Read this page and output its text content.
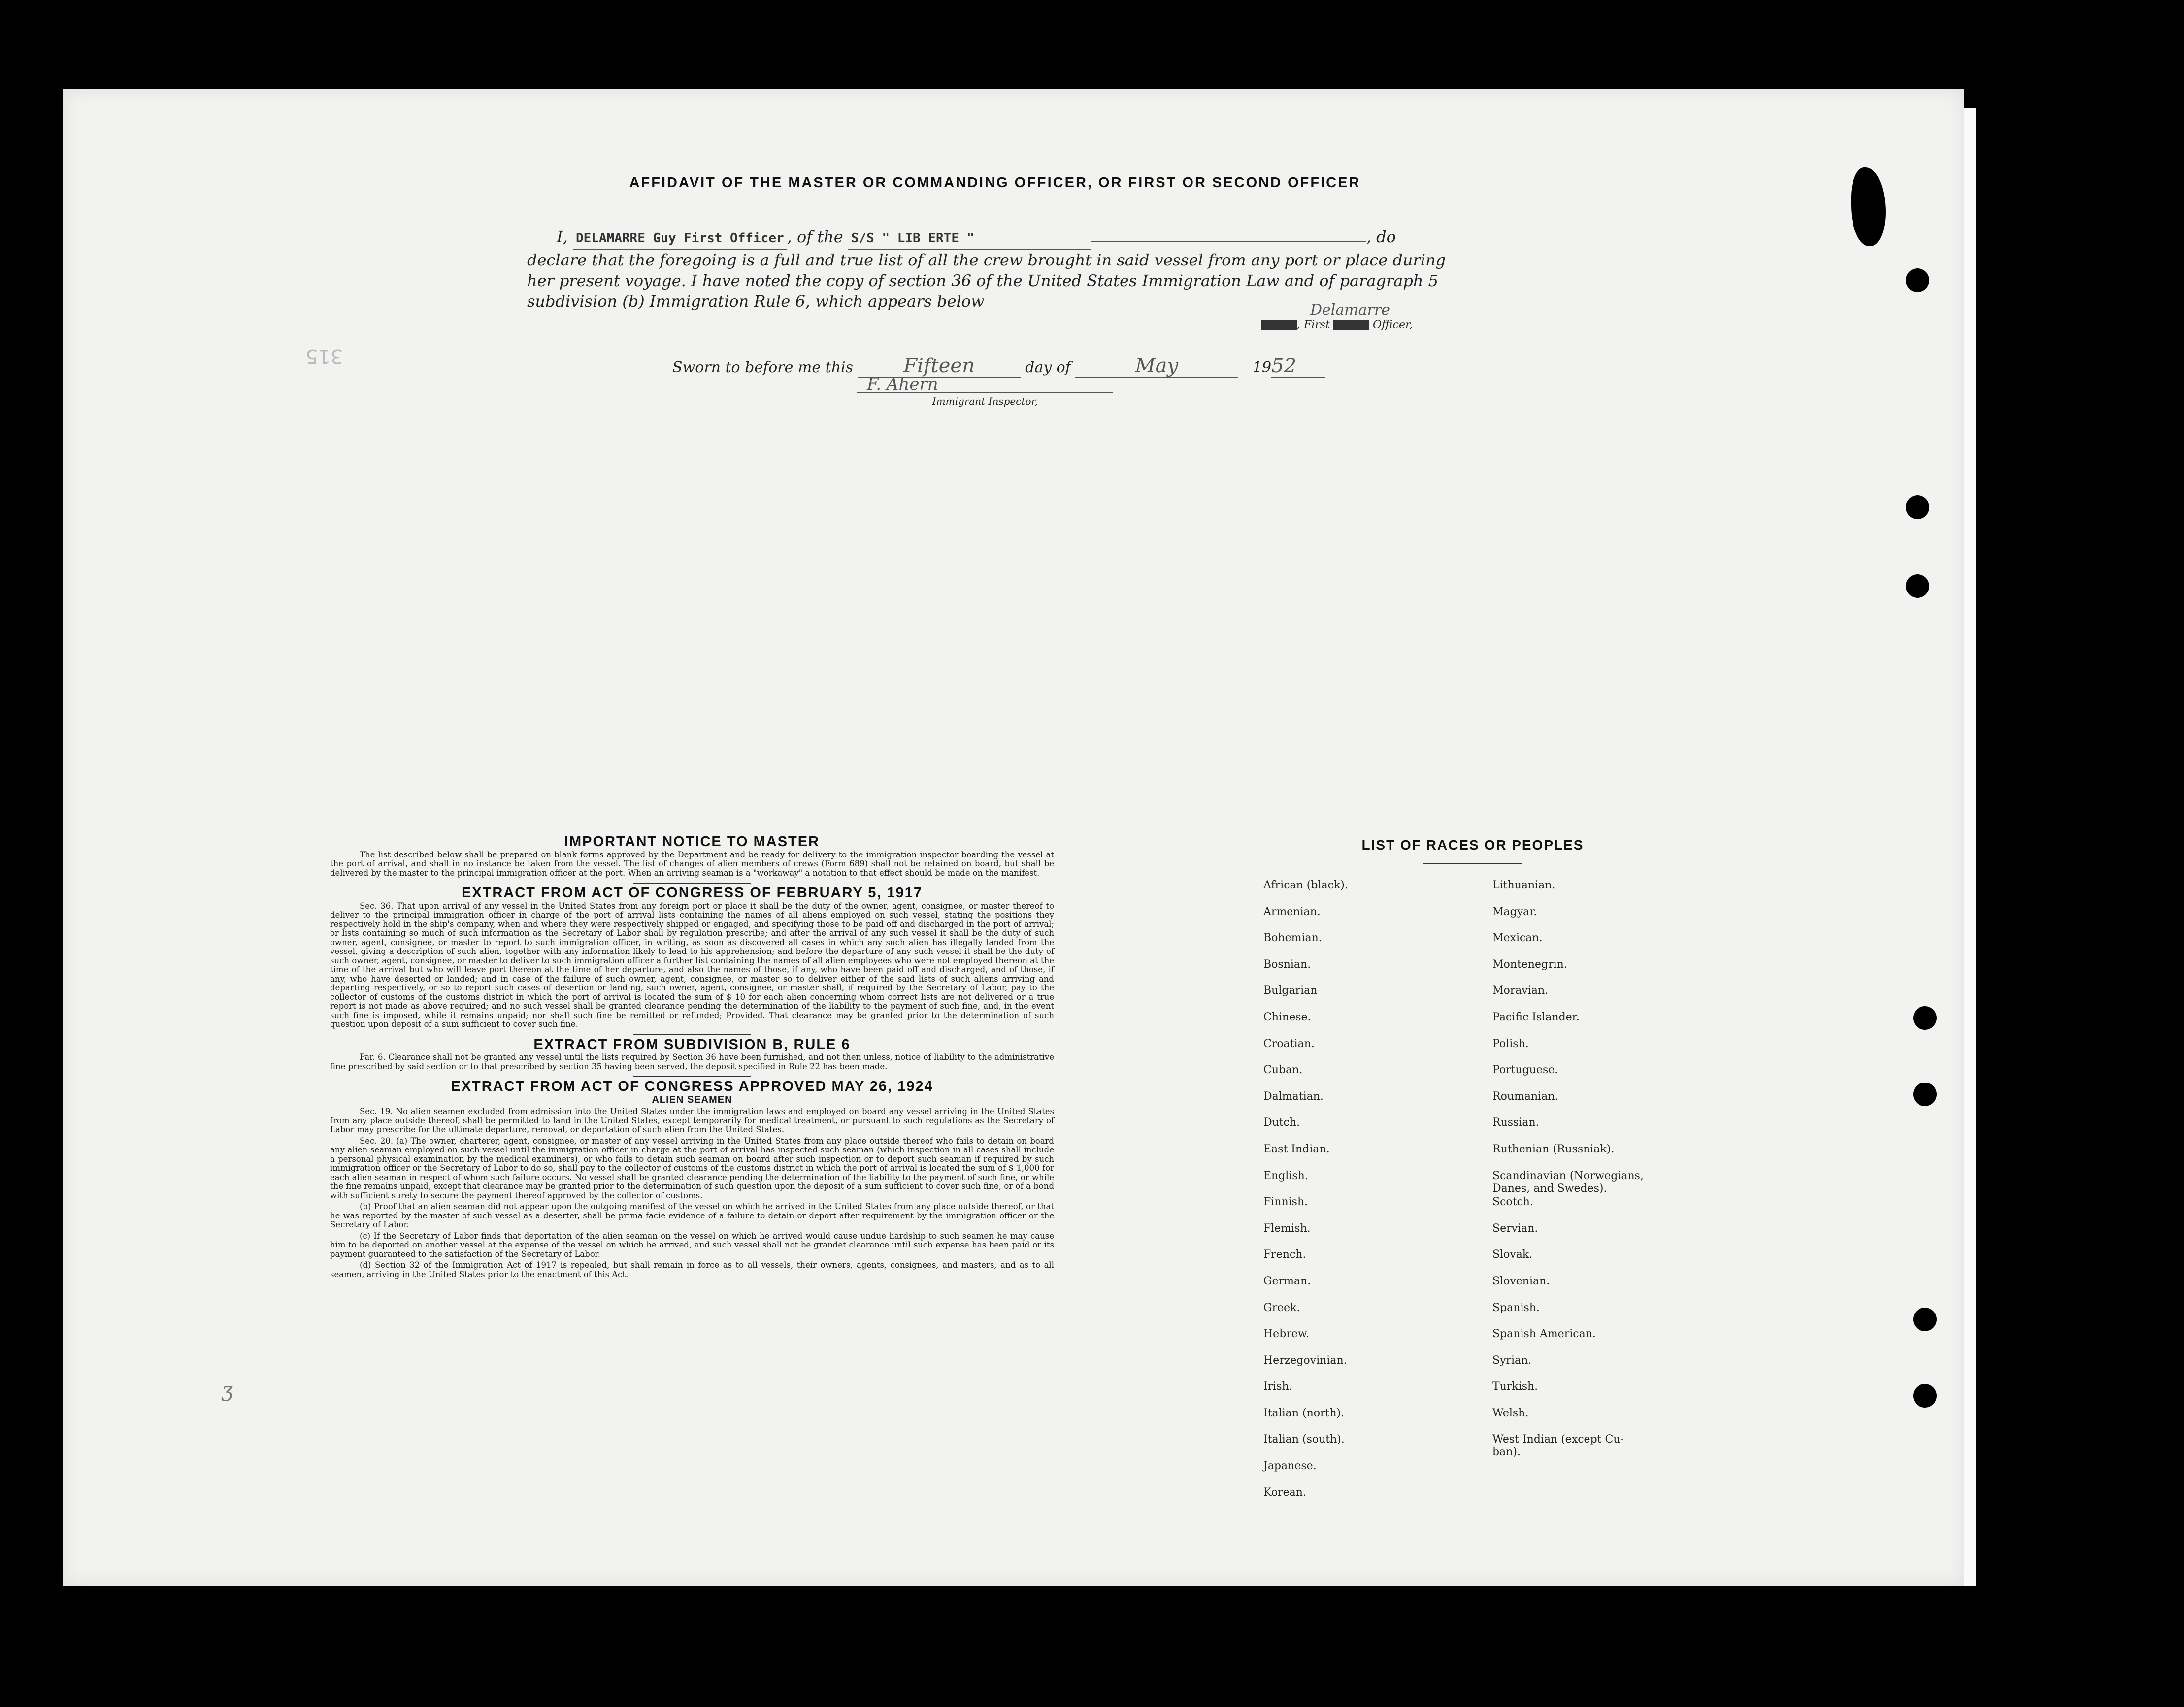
315
AFFIDAVIT OF THE MASTER OR COMMANDING OFFICER, OR FIRST OR SECOND OFFICER
I, DELAMARRE Guy First Officer , of the S/S " LIB ERTE "	, do declare that the foregoing is a full and true list of all the crew brought in said vessel from any port or place during her present voyage. I have noted the copy of section 36 of the United States Immigration Law and of paragraph 5 subdivision (b) Immigration Rule 6, which appears below	Delamarre
Master , First Second Officer,
Sworn to before me this	Fifteen	day of	May	1952
F. Ahern
Immigrant Inspector,
IMPORTANT NOTICE TO MASTER

The list described below shall be prepared on blank forms approved by the Department and be ready for delivery to the immigration inspector boarding the vessel at the port of arrival, and shall in no instance be taken from the vessel. The list of changes of alien members of crews (Form 689) shall not be retained on board, but shall be delivered by the master to the principal immigration officer at the port. When an arriving seaman is a "workaway" a notation to that effect should be made on the manifest.

EXTRACT FROM ACT OF CONGRESS OF FEBRUARY 5, 1917

Sec. 36. That upon arrival of any vessel in the United States from any foreign port or place it shall be the duty of the owner, agent, consignee, or master thereof to deliver to the principal immigration officer in charge of the port of arrival lists containing the names of all aliens employed on such vessel, stating the positions they respectively hold in the ship's company, when and where they were respectively shipped or engaged, and specifying those to be paid off and discharged in the port of arrival; or lists containing so much of such information as the Secretary of Labor shall by regulation prescribe; and after the arrival of any such vessel it shall be the duty of such owner, agent, consignee, or master to report to such immigration officer, in writing, as soon as discovered all cases in which any such alien has illegally landed from the vessel, giving a description of such alien, together with any information likely to lead to his apprehension; and before the departure of any such vessel it shall be the duty of such owner, agent, consignee, or master to deliver to such immigration officer a further list containing the names of all alien employees who were not employed thereon at the time of the arrival but who will leave port thereon at the time of her departure, and also the names of those, if any, who have been paid off and discharged, and of those, if any, who have deserted or landed; and in case of the failure of such owner, agent, consignee, or master so to deliver either of the said lists of such aliens arriving and departing respectively, or so to report such cases of desertion or landing, such owner, agent, consignee, or master shall, if required by the Secretary of Labor, pay to the collector of customs of the customs district in which the port of arrival is located the sum of $ 10 for each alien concerning whom correct lists are not delivered or a true report is not made as above required; and no such vessel shall be granted clearance pending the determination of the liability to the payment of such fine, and, in the event such fine is imposed, while it remains unpaid; nor shall such fine be remitted or refunded; Provided. That clearance may be granted prior to the determination of such question upon deposit of a sum sufficient to cover such fine.

EXTRACT FROM SUBDIVISION B, RULE 6

Par. 6. Clearance shall not be granted any vessel until the lists required by Section 36 have been furnished, and not then unless, notice of liability to the administrative fine prescribed by said section or to that prescribed by section 35 having been served, the deposit specified in Rule 22 has been made.

EXTRACT FROM ACT OF CONGRESS APPROVED MAY 26, 1924
ALIEN SEAMEN

Sec. 19. No alien seamen excluded from admission into the United States under the immigration laws and employed on board any vessel arriving in the United States from any place outside thereof, shall be permitted to land in the United States, except temporarily for medical treatment, or pursuant to such regulations as the Secretary of Labor may prescribe for the ultimate departure, removal, or deportation of such alien from the United States.

Sec. 20. (a) The owner, charterer, agent, consignee, or master of any vessel arriving in the United States from any place outside thereof who fails to detain on board any alien seaman employed on such vessel until the immigration officer in charge at the port of arrival has inspected such seaman (which inspection in all cases shall include a personal physical examination by the medical examiners), or who fails to detain such seaman on board after such inspection or to deport such seaman if required by such immigration officer or the Secretary of Labor to do so, shall pay to the collector of customs of the customs district in which the port of arrival is located the sum of $ 1,000 for each alien seaman in respect of whom such failure occurs. No vessel shall be granted clearance pending the determination of the liability to the payment of such fine, or while the fine remains unpaid, except that clearance may be granted prior to the determination of such question upon the deposit of a sum sufficient to cover such fine, or of a bond with sufficient surety to secure the payment thereof approved by the collector of customs.

(b) Proof that an alien seaman did not appear upon the outgoing manifest of the vessel on which he arrived in the United States from any place outside thereof, or that he was reported by the master of such vessel as a deserter, shall be prima facie evidence of a failure to detain or deport after requirement by the immigration officer or the Secretary of Labor.

(c) If the Secretary of Labor finds that deportation of the alien seaman on the vessel on which he arrived would cause undue hardship to such seamen he may cause him to be deported on another vessel at the expense of the vessel on which he arrived, and such vessel shall not be grandet clearance until such expense has been paid or its payment guaranteed to the satisfaction of the Secretary of Labor.

(d) Section 32 of the Immigration Act of 1917 is repealed, but shall remain in force as to all vessels, their owners, agents, consignees, and masters, and as to all seamen, arriving in the United States prior to the enactment of this Act.

LIST OF RACES OR PEOPLES
African (black).
Armenian.
Bohemian.
Bosnian.
Bulgarian
Chinese.
Croatian.
Cuban.
Dalmatian.
Dutch.
East Indian.
English.
Finnish.
Flemish.
French.
German.
Greek.
Hebrew.
Herzegovinian.
Irish.
Italian (north).
Italian (south).
Japanese.
Korean.
Lithuanian.
Magyar.
Mexican.
Montenegrin.
Moravian.
Pacific Islander.
Polish.
Portuguese.
Roumanian.
Russian.
Ruthenian (Russniak).
Scandinavian (Norwegians,
Danes, and Swedes).
Scotch.
Servian.
Slovak.
Slovenian.
Spanish.
Spanish American.
Syrian.
Turkish.
Welsh.
West Indian (except Cu-
ban).
ʒ
